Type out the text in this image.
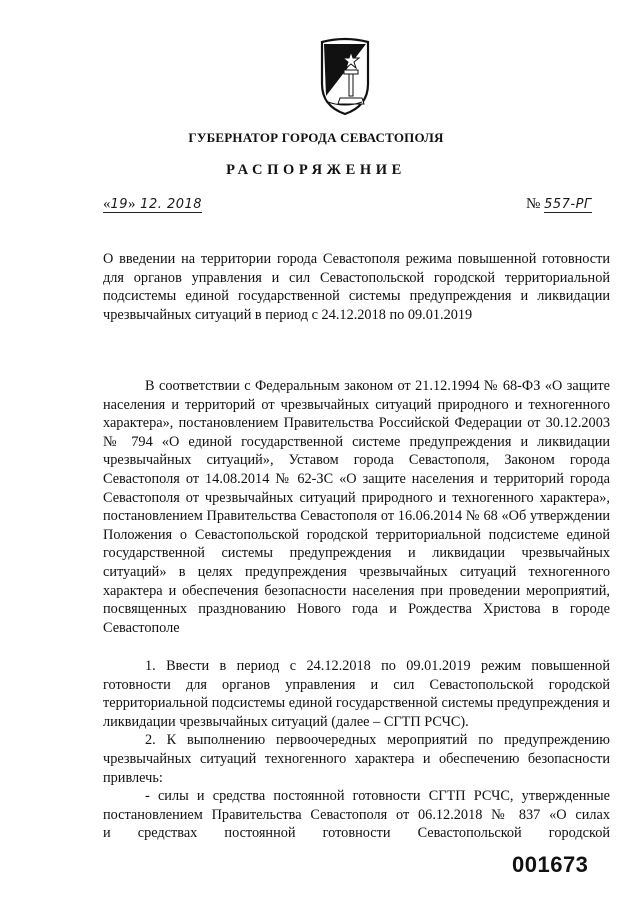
ГУБЕРНАТОР ГОРОДА СЕВАСТОПОЛЯ
РАСПОРЯЖЕНИЕ
«19» 12. 2018	№ 557-РГ
О введении на территории города Севастополя режима повышенной готовности для органов управления и сил Севастопольской городской территориальной подсистемы единой государственной системы предупреждения и ликвидации чрезвычайных ситуаций в период с 24.12.2018 по 09.01.2019

В соответствии с Федеральным законом от 21.12.1994 № 68-ФЗ «О защите населения и территорий от чрезвычайных ситуаций природного и техногенного характера», постановлением Правительства Российской Федерации от 30.12.2003 № 794 «О единой государственной системе предупреждения и ликвидации чрезвычайных ситуаций», Уставом города Севастополя, Законом города Севастополя от 14.08.2014 № 62-ЗС «О защите населения и территорий города Севастополя от чрезвычайных ситуаций природного и техногенного характера», постановлением Правительства Севастополя от 16.06.2014 № 68 «Об утверждении Положения о Севастопольской городской территориальной подсистеме единой государственной системы предупреждения и ликвидации чрезвычайных ситуаций» в целях предупреждения чрезвычайных ситуаций техногенного характера и обеспечения безопасности населения при проведении мероприятий, посвященных празднованию Нового года и Рождества Христова в городе Севастополе

1. Ввести в период с 24.12.2018 по 09.01.2019 режим повышенной готовности для органов управления и сил Севастопольской городской территориальной подсистемы единой государственной системы предупреждения и ликвидации чрезвычайных ситуаций (далее – СГТП РСЧС).

2. К выполнению первоочередных мероприятий по предупреждению чрезвычайных ситуаций техногенного характера и обеспечению безопасности привлечь:

- силы и средства постоянной готовности СГТП РСЧС, утвержденные

постановлением Правительства Севастополя от 06.12.2018 № 837 «О силах

и средствах постоянной готовности Севастопольской городской

001673
